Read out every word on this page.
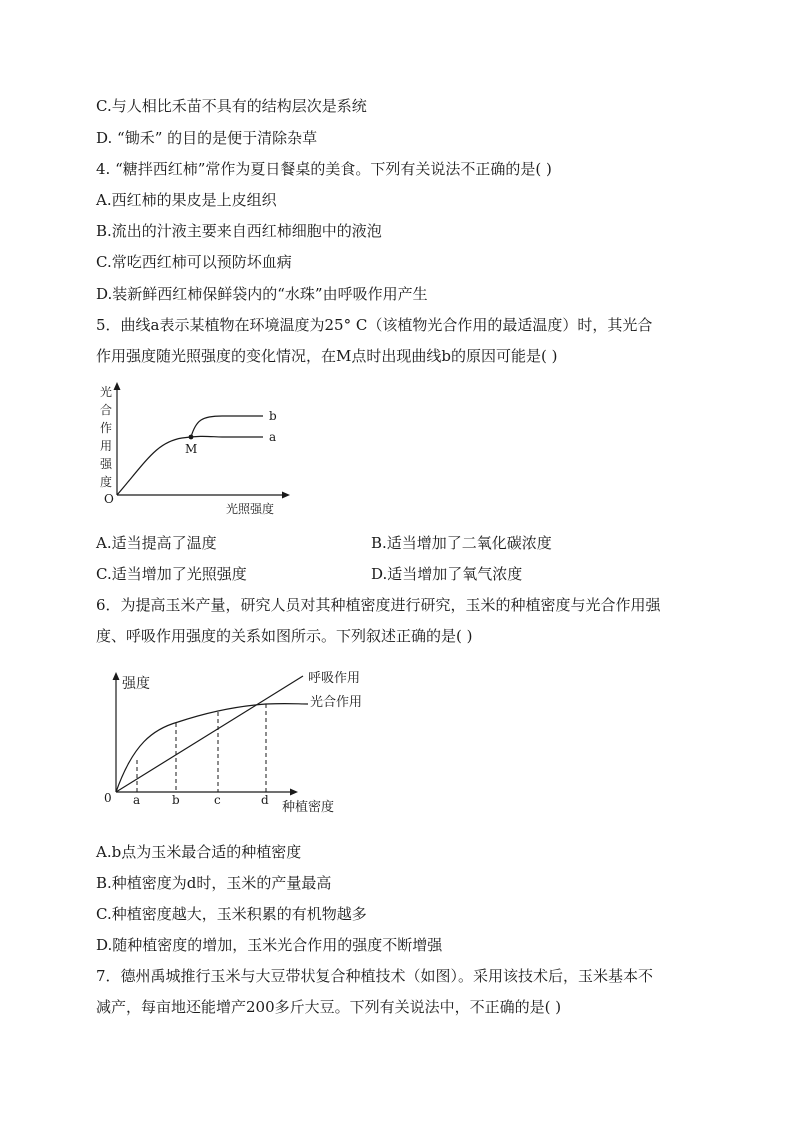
C.与人相比禾苗不具有的结构层次是系统
D. “锄禾” 的目的是便于清除杂草
4. “糖拌西红柿”常作为夏日餐桌的美食。下列有关说法不正确的是( )
A.西红柿的果皮是上皮组织
B.流出的汁液主要来自西红柿细胞中的液泡
C.常吃西红柿可以预防坏血病
D.装新鲜西红柿保鲜袋内的“水珠”由呼吸作用产生
5．曲线a表示某植物在环境温度为25° C（该植物光合作用的最适温度）时，其光合
作用强度随光照强度的变化情况，在M点时出现曲线b的原因可能是( )
光
合
作
用
强
度
O
M
a
b
光照强度
A.适当提高了温度	B.适当增加了二氧化碳浓度
C.适当增加了光照强度	D.适当增加了氧气浓度
6．为提高玉米产量，研究人员对其种植密度进行研究，玉米的种植密度与光合作用强
度、呼吸作用强度的关系如图所示。下列叙述正确的是( )
强度
0 a	b	c	d 种植密度
呼吸作用
光合作用
A.b点为玉米最合适的种植密度
B.种植密度为d时，玉米的产量最高
C.种植密度越大，玉米积累的有机物越多
D.随种植密度的增加，玉米光合作用的强度不断增强
7．德州禹城推行玉米与大豆带状复合种植技术（如图）。采用该技术后，玉米基本不
减产，每亩地还能增产200多斤大豆。下列有关说法中，不正确的是( )
